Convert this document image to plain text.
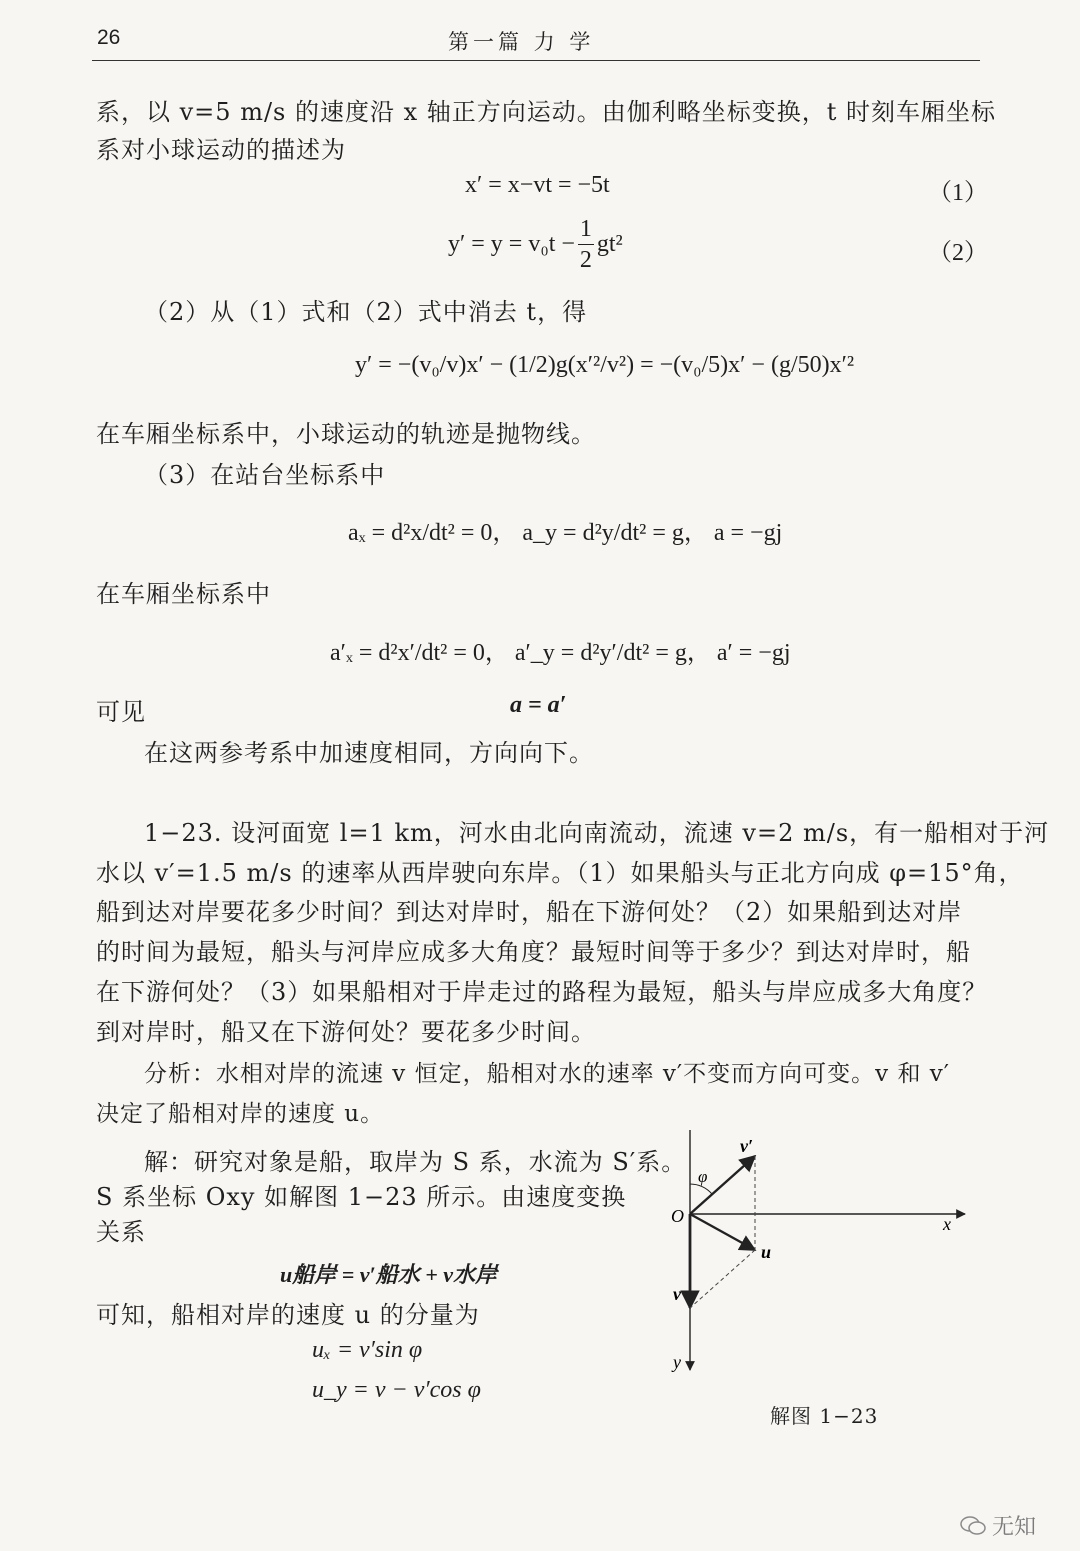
26	第一篇 力 学
系，以 v=5 m/s 的速度沿 x 轴正方向运动。由伽利略坐标变换，t 时刻车厢坐标
系对小球运动的描述为
x′ = x−vt = −5t	（1）
$y' = y = v_0t - \frac{1}{2} gt^2$	（2）
（2）从（1）式和（2）式中消去 t，得
y′ = −(v₀/v)x′ − (1/2)g(x′²/v²) = −(v₀/5)x′ − (g/50)x′²
在车厢坐标系中，小球运动的轨迹是抛物线。
（3）在站台坐标系中
aₓ = d²x/dt² = 0， a_y = d²y/dt² = g， a = −gj
在车厢坐标系中
a′ₓ = d²x′/dt² = 0， a′_y = d²y′/dt² = g， a′ = −gj
可见	a = a′
在这两参考系中加速度相同，方向向下。
1−23. 设河面宽 l=1 km，河水由北向南流动，流速 v=2 m/s，有一船相对于河
水以 v′=1.5 m/s 的速率从西岸驶向东岸。（1）如果船头与正北方向成 φ=15°角，
船到达对岸要花多少时间？到达对岸时，船在下游何处？（2）如果船到达对岸
的时间为最短，船头与河岸应成多大角度？最短时间等于多少？到达对岸时，船
在下游何处？（3）如果船相对于岸走过的路程为最短，船头与岸应成多大角度？
到对岸时，船又在下游何处？要花多少时间。
分析：水相对岸的流速 v 恒定，船相对水的速率 v′不变而方向可变。v 和 v′
决定了船相对岸的速度 u。
解：研究对象是船，取岸为 S 系，水流为 S′系。
S 系坐标 Oxy 如解图 1−23 所示。由速度变换
关系
u船岸 = v′船水 + v水岸
可知，船相对岸的速度 u 的分量为
uₓ = v′sin φ
u_y = v − v′cos φ
O	x
y
φ
v′
u
v
解图 1−23
无知
